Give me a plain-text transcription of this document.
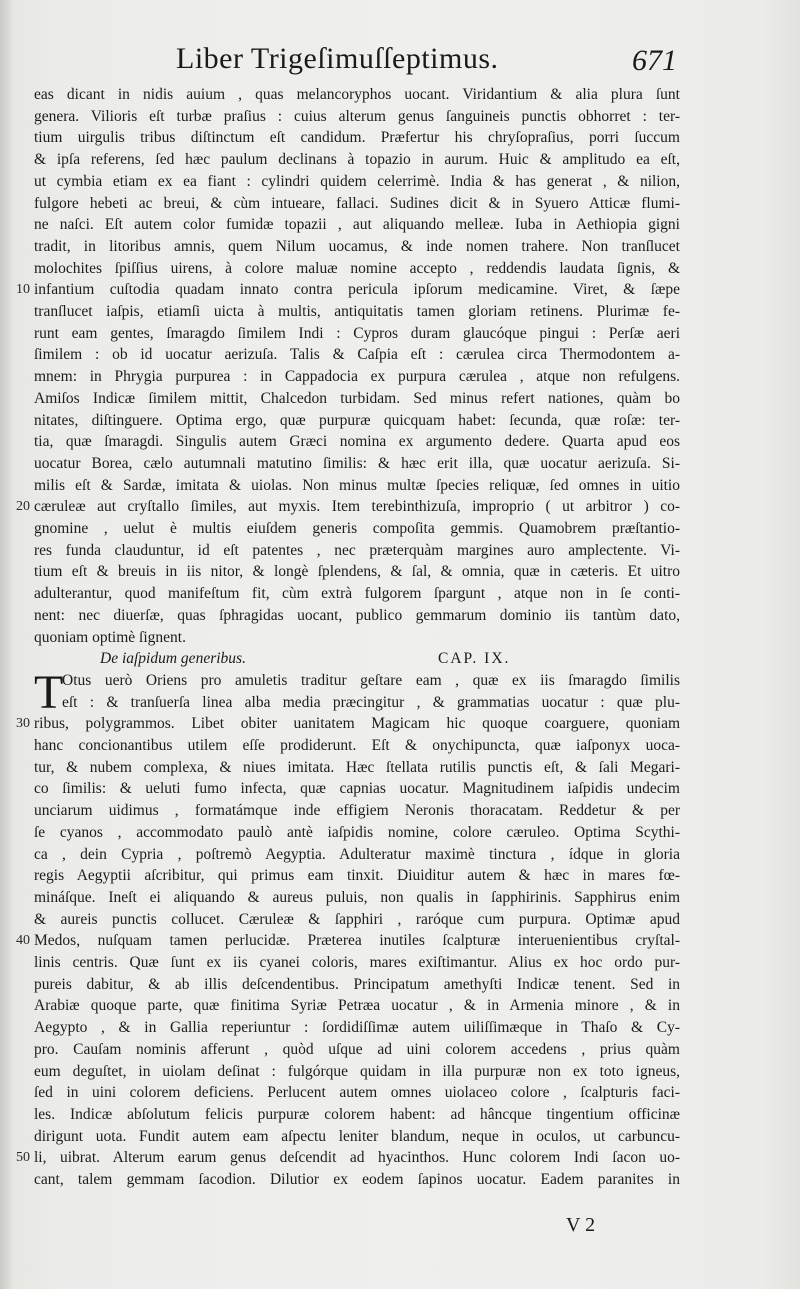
Liber Trigeſimuſſeptimus.	671
eas dicant in nidis auium , quas melancoryphos uocant. Viridantium & alia plura ſunt
genera. Vilioris eſt turbæ praſius : cuius alterum genus ſanguineis punctis obhorret : ter-
tium uirgulis tribus diſtinctum eſt candidum. Præfertur his chryſopraſius, porri ſuccum
& ipſa referens, ſed hæc paulum declinans à topazio in aurum. Huic & amplitudo ea eſt,
ut cymbia etiam ex ea fiant : cylindri quidem celerrimè. India & has generat , & nilion,
fulgore hebeti ac breui, & cùm intueare, fallaci. Sudines dicit & in Syuero Atticæ flumi-
ne naſci. Eſt autem color fumidæ topazii , aut aliquando melleæ. Iuba in Aethiopia gigni
tradit, in litoribus amnis, quem Nilum uocamus, & inde nomen trahere. Non tranſlucet
molochites ſpiſſius uirens, à colore maluæ nomine accepto , reddendis laudata ſignis, &
infantium cuſtodia quadam innato contra pericula ipſorum medicamine. Viret, & ſæpe
tranſlucet iaſpis, etiamſi uicta à multis, antiquitatis tamen gloriam retinens. Plurimæ fe-
runt eam gentes, ſmaragdo ſimilem Indi : Cypros duram glaucóque pingui : Perſæ aeri
ſimilem : ob id uocatur aerizuſa. Talis & Caſpia eſt : cærulea circa Thermodontem a-
mnem: in Phrygia purpurea : in Cappadocia ex purpura cærulea , atque non refulgens.
Amiſos Indicæ ſimilem mittit, Chalcedon turbidam. Sed minus refert nationes, quàm bo
nitates, diſtinguere. Optima ergo, quæ purpuræ quicquam habet: ſecunda, quæ roſæ: ter-
tia, quæ ſmaragdi. Singulis autem Græci nomina ex argumento dedere. Quarta apud eos
uocatur Borea, cælo autumnali matutino ſimilis: & hæc erit illa, quæ uocatur aerizuſa. Si-
milis eſt & Sardæ, imitata & uiolas. Non minus multæ ſpecies reliquæ, ſed omnes in uitio
cæruleæ aut cryſtallo ſimiles, aut myxis. Item terebinthizuſa, improprio ( ut arbitror ) co-
gnomine , uelut è multis eiuſdem generis compoſita gemmis. Quamobrem præſtantio-
res funda clauduntur, id eſt patentes , nec præterquàm margines auro amplectente. Vi-
tium eſt & breuis in iis nitor, & longè ſplendens, & ſal, & omnia, quæ in cæteris. Et uitro
adulterantur, quod manifeſtum fit, cùm extrà fulgorem ſpargunt , atque non in ſe conti-
nent: nec diuerſæ, quas ſphragidas uocant, publico gemmarum dominio iis tantùm dato,
quoniam optimè ſignent.
De iaſpidum generibus.	CAP. IX.
T
Otus uerò Oriens pro amuletis traditur geſtare eam , quæ ex iis ſmaragdo ſimilis
eſt : & tranſuerſa linea alba media præcingitur , & grammatias uocatur : quæ plu-
ribus, polygrammos. Libet obiter uanitatem Magicam hic quoque coarguere, quoniam
hanc concionantibus utilem eſſe prodiderunt. Eſt & onychipuncta, quæ iaſponyx uoca-
tur, & nubem complexa, & niues imitata. Hæc ſtellata rutilis punctis eſt, & ſali Megari-
co ſimilis: & ueluti fumo infecta, quæ capnias uocatur. Magnitudinem iaſpidis undecim
unciarum uidimus , formatámque inde effigiem Neronis thoracatam. Reddetur & per
ſe cyanos , accommodato paulò antè iaſpidis nomine, colore cæruleo. Optima Scythi-
ca , dein Cypria , poſtremò Aegyptia. Adulteratur maximè tinctura , ídque in gloria
regis Aegyptii aſcribitur, qui primus eam tinxit. Diuiditur autem & hæc in mares fœ-
mináſque. Ineſt ei aliquando & aureus puluis, non qualis in ſapphirinis. Sapphirus enim
& aureis punctis collucet. Cæruleæ & ſapphiri , raróque cum purpura. Optimæ apud
Medos, nuſquam tamen perlucidæ. Præterea inutiles ſcalpturæ interuenientibus cryſtal-
linis centris. Quæ ſunt ex iis cyanei coloris, mares exiſtimantur. Alius ex hoc ordo pur-
pureis dabitur, & ab illis deſcendentibus. Principatum amethyſti Indicæ tenent. Sed in
Arabiæ quoque parte, quæ finitima Syriæ Petræa uocatur , & in Armenia minore , & in
Aegypto , & in Gallia reperiuntur : ſordidiſſimæ autem uiliſſimæque in Thaſo & Cy-
pro. Cauſam nominis afferunt , quòd uſque ad uini colorem accedens , prius quàm
eum deguſtet, in uiolam deſinat : fulgórque quidam in illa purpuræ non ex toto igneus,
ſed in uini colorem deficiens. Perlucent autem omnes uiolaceo colore , ſcalpturis faci-
les. Indicæ abſolutum felicis purpuræ colorem habent: ad hâncque tingentium officinæ
dirigunt uota. Fundit autem eam aſpectu leniter blandum, neque in oculos, ut carbuncu-
li, uibrat. Alterum earum genus deſcendit ad hyacinthos. Hunc colorem Indi ſacon uo-
cant, talem gemmam ſacodion. Dilutior ex eodem ſapinos uocatur. Eadem paranites in
10
20
30
40
50
V 2
